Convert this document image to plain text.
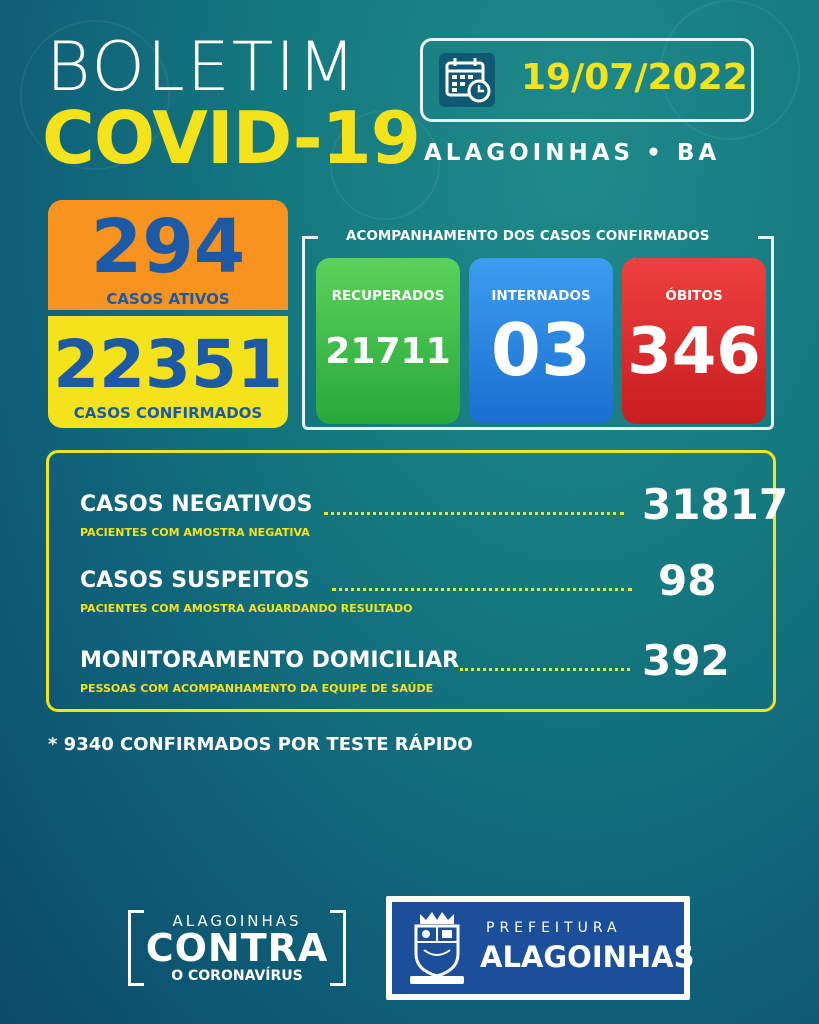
BOLETIM
COVID-19
19/07/2022
ALAGOINHAS • BA
294
CASOS ATIVOS
22351
CASOS CONFIRMADOS
ACOMPANHAMENTO DOS CASOS CONFIRMADOS
RECUPERADOS
21711
INTERNADOS
03
ÓBITOS
346
CASOS NEGATIVOS	31817
PACIENTES COM AMOSTRA NEGATIVA
CASOS SUSPEITOS	98
PACIENTES COM AMOSTRA AGUARDANDO RESULTADO
MONITORAMENTO DOMICILIAR	392
PESSOAS COM ACOMPANHAMENTO DA EQUIPE DE SAÚDE
* 9340 CONFIRMADOS POR TESTE RÁPIDO
ALAGOINHAS
CONTRA
O CORONAVÍRUS
PREFEITURA
ALAGOINHAS
